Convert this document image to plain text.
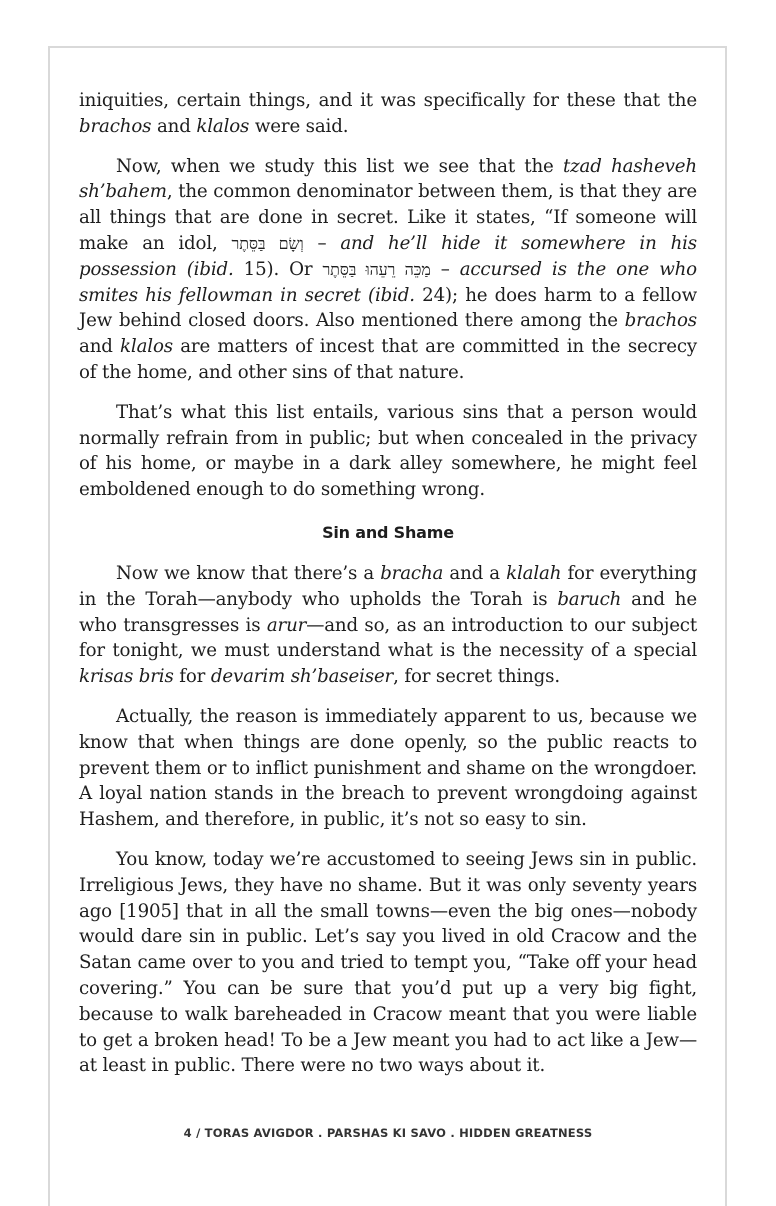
iniquities, certain things, and it was specifically for these that the brachos and klalos were said.

Now, when we study this list we see that the tzad hasheveh sh’bahem, the common denominator between them, is that they are all things that are done in secret. Like it states, “If someone will make an idol, וְשָׂם בַּסֵּתֶר – and he’ll hide it somewhere in his possession (ibid. 15). Or מַכֵּה רֵעֵהוּ בַּסֵּתֶר – accursed is the one who smites his fellowman in secret (ibid. 24); he does harm to a fellow Jew behind closed doors. Also mentioned there among the brachos and klalos are matters of incest that are committed in the secrecy of the home, and other sins of that nature.

That’s what this list entails, various sins that a person would normally refrain from in public; but when concealed in the privacy of his home, or maybe in a dark alley somewhere, he might feel emboldened enough to do something wrong.

Sin and Shame

Now we know that there’s a bracha and a klalah for everything in the Torah—anybody who upholds the Torah is baruch and he who transgresses is arur—and so, as an introduction to our subject for tonight, we must understand what is the necessity of a special krisas bris for devarim sh’baseiser, for secret things.

Actually, the reason is immediately apparent to us, because we know that when things are done openly, so the public reacts to prevent them or to inflict punishment and shame on the wrongdoer. A loyal nation stands in the breach to prevent wrongdoing against Hashem, and therefore, in public, it’s not so easy to sin.

You know, today we’re accustomed to seeing Jews sin in public. Irreligious Jews, they have no shame. But it was only seventy years ago [1905] that in all the small towns—even the big ones—nobody would dare sin in public. Let’s say you lived in old Cracow and the Satan came over to you and tried to tempt you, “Take off your head covering.” You can be sure that you’d put up a very big fight, because to walk bareheaded in Cracow meant that you were liable to get a broken head! To be a Jew meant you had to act like a Jew—at least in public. There were no two ways about it.

4 / TORAS AVIGDOR . PARSHAS KI SAVO . HIDDEN GREATNESS
